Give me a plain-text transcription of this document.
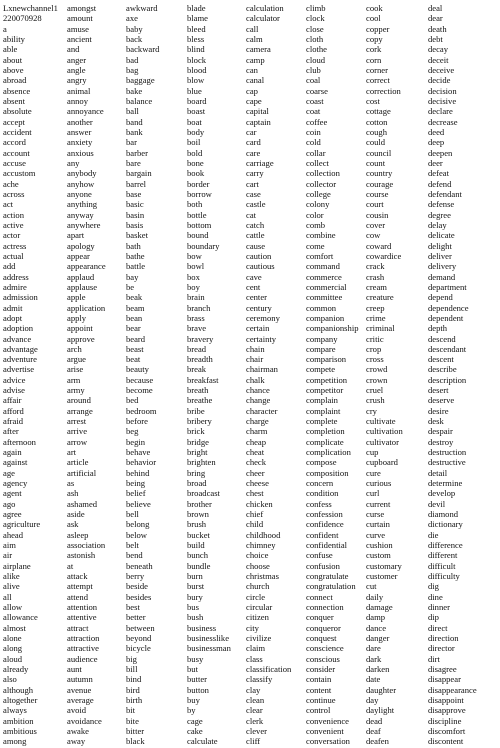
Lxnewchannel1
220070928
a
ability
able
about
above
abroad
absence
absent
absolute
accept
accident
accord
account
accuse
accustom
ache
across
act
action
active
actor
actress
actual
add
address
admire
admission
admit
adopt
adoption
advance
advantage
adventure
advertise
advice
advise
affair
afford
afraid
after
afternoon
again
against
age
agency
agent
ago
agree
agriculture
ahead
aim
air
airplane
alike
alive
all
allow
allowance
almost
alone
along
aloud
already
also
although
altogether
always
ambition
ambitious
among
amongst
amount
amuse
ancient
and
anger
angle
angry
animal
annoy
annoyance
another
answer
anxiety
anxious
any
anybody
anyhow
anyone
anything
anyway
anywhere
apart
apology
appear
appearance
applaud
applause
apple
application
apply
appoint
approve
arch
argue
arise
arm
army
around
arrange
arrest
arrive
arrow
art
article
artificial
as
ash
ashamed
aside
ask
asleep
association
astonish
at
attack
attempt
attend
attention
attentive
attract
attraction
attractive
audience
aunt
autumn
avenue
average
avoid
avoidance
awake
away
awkward
axe
baby
back
backward
bad
bag
baggage
bake
balance
ball
band
bank
bar
barber
bare
bargain
barrel
base
basic
basin
basis
basket
bath
bathe
battle
bay
be
beak
beam
bean
bear
beard
beast
beat
beauty
because
become
bed
bedroom
before
beg
begin
behave
behavior
behind
being
belief
believe
bell
belong
below
belt
bend
beneath
berry
beside
besides
best
better
between
beyond
bicycle
big
bill
bind
bird
birth
bit
bite
bitter
black
blade
blame
bleed
bless
blind
block
blood
blow
blue
board
boast
boat
body
boil
bold
bone
book
border
borrow
both
bottle
bottom
bound
boundary
bow
bowl
box
boy
brain
branch
brass
brave
bravery
bread
breadth
break
breakfast
breath
breathe
bribe
bribery
brick
bridge
bright
brighten
bring
broad
broadcast
brother
brown
brush
bucket
build
bunch
bundle
burn
burst
bury
bus
bush
business
businesslike
businessman
busy
but
butter
button
buy
by
cage
cake
calculate
calculation
calculator
call
calm
camera
camp
can
canal
cap
cape
capital
captain
car
card
care
carriage
carry
cart
case
castle
cat
catch
cattle
cause
caution
cautious
cave
cent
center
century
ceremony
certain
certainty
chain
chair
chairman
chalk
chance
change
character
charge
charm
cheap
cheat
check
cheer
cheese
chest
chicken
chief
child
childhood
chimney
choice
choose
christmas
church
circle
circular
citizen
city
civilize
claim
class
classification
classify
clay
clean
clear
clerk
clever
cliff
climb
clock
close
cloth
clothe
cloud
club
coal
coarse
coast
coat
coffee
coin
cold
collar
collect
collection
collector
college
colony
color
comb
combine
come
comfort
command
commerce
commercial
committee
common
companion
companionship
company
compare
comparison
compete
competition
competitor
complain
complaint
complete
completion
complicate
complication
compose
composition
concern
condition
confess
confession
confidence
confident
confidential
confuse
confusion
congratulate
congratulation
connect
connection
conquer
conqueror
conquest
conscience
conscious
consider
contain
content
continue
control
convenience
convenient
conversation
cook
cool
copper
copy
cork
corn
corner
correct
correction
cost
cottage
cotton
cough
could
council
count
country
courage
course
court
cousin
cover
cow
coward
cowardice
crack
crash
cream
creature
creep
crime
criminal
critic
crop
cross
crowd
crown
cruel
crush
cry
cultivate
cultivation
cultivator
cup
cupboard
cure
curious
curl
current
curse
curtain
curve
cushion
custom
customary
customer
cut
daily
damage
damp
dance
danger
dare
dark
darken
date
daughter
day
daylight
dead
deaf
deafen
deal
dear
death
debt
decay
deceit
deceive
decide
decision
decisive
declare
decrease
deed
deep
deepen
deer
defeat
defend
defendant
defense
degree
delay
delicate
delight
deliver
delivery
demand
department
depend
dependence
dependent
depth
descend
descendant
descent
describe
description
desert
deserve
desire
desk
despair
destroy
destruction
destructive
detail
determine
develop
devil
diamond
dictionary
die
difference
different
difficult
difficulty
dig
dine
dinner
dip
direct
direction
director
dirt
disagree
disappear
disappearance
disappoint
disapprove
discipline
discomfort
discontent
